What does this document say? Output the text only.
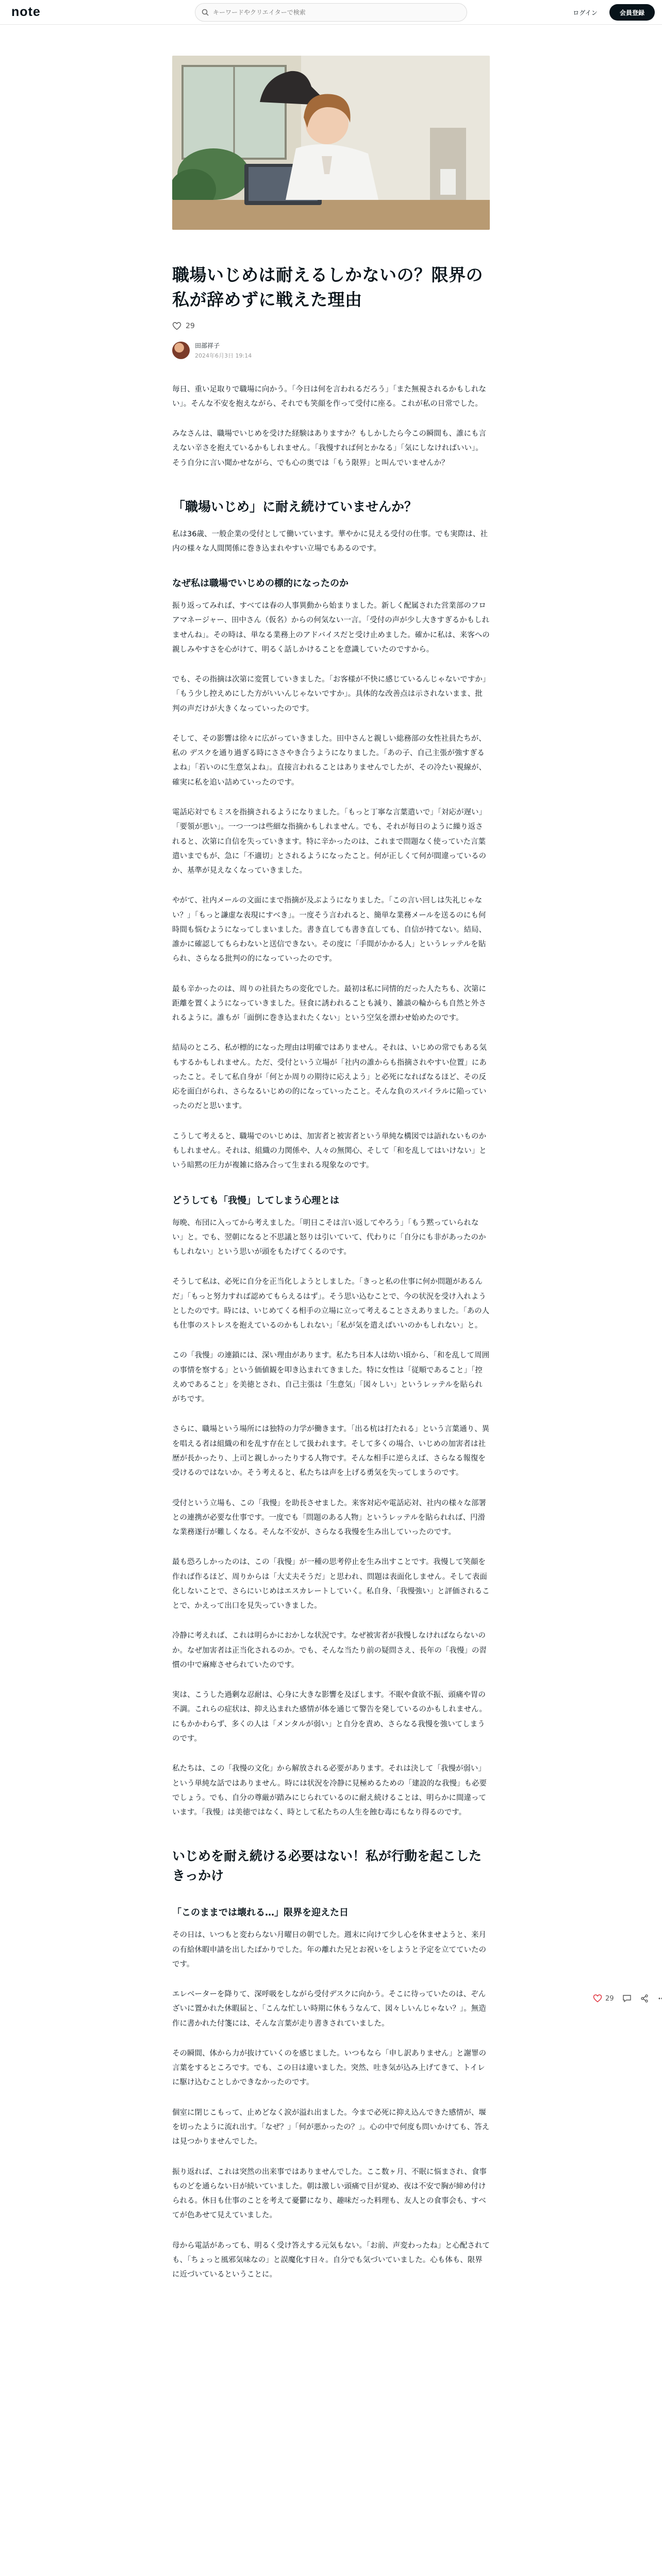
note
キーワードやクリエイターで検索	ログイン	会員登録
職場いじめは耐えるしかないの？限界の私が辞めずに戦えた理由
29
田部祥子
2024年6月3日 19:14

毎日、重い足取りで職場に向かう。「今日は何を言われるだろう」「また無視されるかもしれない」。そんな不安を抱えながら、それでも笑顔を作って受付に座る。これが私の日常でした。

みなさんは、職場でいじめを受けた経験はありますか？もしかしたら今この瞬間も、誰にも言えない辛さを抱えているかもしれません。「我慢すれば何とかなる」「気にしなければいい」。そう自分に言い聞かせながら、でも心の奥では「もう限界」と叫んでいませんか？

「職場いじめ」に耐え続けていませんか？

私は36歳、一般企業の受付として働いています。華やかに見える受付の仕事。でも実際は、社内の様々な人間関係に巻き込まれやすい立場でもあるのです。

なぜ私は職場でいじめの標的になったのか

振り返ってみれば、すべては春の人事異動から始まりました。新しく配属された営業部のフロアマネージャー、田中さん（仮名）からの何気ない一言。「受付の声が少し大きすぎるかもしれませんね」。その時は、単なる業務上のアドバイスだと受け止めました。確かに私は、来客への親しみやすさを心がけて、明るく話しかけることを意識していたのですから。

でも、その指摘は次第に変質していきました。「お客様が不快に感じているんじゃないですか」「もう少し控えめにした方がいいんじゃないですか」。具体的な改善点は示されないまま、批判の声だけが大きくなっていったのです。

そして、その影響は徐々に広がっていきました。田中さんと親しい総務部の女性社員たちが、私の デスクを通り過ぎる時にささやき合うようになりました。「あの子、自己主張が強すぎるよね」「若いのに生意気よね」。直接言われることはありませんでしたが、その冷たい視線が、確実に私を追い詰めていったのです。

電話応対でもミスを指摘されるようになりました。「もっと丁寧な言葉遣いで」「対応が遅い」「要領が悪い」。一つ一つは些細な指摘かもしれません。でも、それが毎日のように繰り返されると、次第に自信を失っていきます。特に辛かったのは、これまで問題なく使っていた言葉遣いまでもが、急に「不適切」とされるようになったこと。何が正しくて何が間違っているのか、基準が見えなくなっていきました。

やがて、社内メールの文面にまで指摘が及ぶようになりました。「この言い回しは失礼じゃない？」「もっと謙虚な表現にすべき」。一度そう言われると、簡単な業務メールを送るのにも何時間も悩むようになってしまいました。書き直しても書き直しても、自信が持てない。結局、誰かに確認してもらわないと送信できない。その度に「手間がかかる人」というレッテルを貼られ、さらなる批判の的になっていったのです。

最も辛かったのは、周りの社員たちの変化でした。最初は私に同情的だった人たちも、次第に距離を置くようになっていきました。昼食に誘われることも減り、雑談の輪からも自然と外されるように。誰もが「面倒に巻き込まれたくない」という空気を漂わせ始めたのです。

結局のところ、私が標的になった理由は明確ではありません。それは、いじめの常でもある気もするかもしれません。ただ、受付という立場が「社内の誰からも指摘されやすい位置」にあったこと。そして私自身が「何とか周りの期待に応えよう」と必死になればなるほど、その反応を面白がられ、さらなるいじめの的になっていったこと。そんな負のスパイラルに陥っていったのだと思います。

こうして考えると、職場でのいじめは、加害者と被害者という単純な構図では語れないものかもしれません。それは、組織の力関係や、人々の無関心、そして「和を乱してはいけない」という暗黙の圧力が複雑に絡み合って生まれる現象なのです。

どうしても「我慢」してしまう心理とは

毎晩、布団に入ってから考えました。「明日こそは言い返してやろう」「もう黙っていられない」と。でも、翌朝になると不思議と怒りは引いていて、代わりに「自分にも非があったのかもしれない」という思いが頭をもたげてくるのです。

そうして私は、必死に自分を正当化しようとしました。「きっと私の仕事に何か問題があるんだ」「もっと努力すれば認めてもらえるはず」。そう思い込むことで、今の状況を受け入れようとしたのです。時には、いじめてくる相手の立場に立って考えることさえありました。「あの人も仕事のストレスを抱えているのかもしれない」「私が気を遣えばいいのかもしれない」と。

この「我慢」の連鎖には、深い理由があります。私たち日本人は幼い頃から、「和を乱して周囲の事情を察する」という価値観を叩き込まれてきました。特に女性は「従順であること」「控えめであること」を美徳とされ、自己主張は「生意気」「図々しい」というレッテルを貼られがちです。

さらに、職場という場所には独特の力学が働きます。「出る杭は打たれる」という言葉通り、異を唱える者は組織の和を乱す存在として扱われます。そして多くの場合、いじめの加害者は社歴が長かったり、上司と親しかったりする人物です。そんな相手に逆らえば、さらなる報復を受けるのではないか。そう考えると、私たちは声を上げる勇気を失ってしまうのです。

受付という立場も、この「我慢」を助長させました。来客対応や電話応対、社内の様々な部署との連携が必要な仕事です。一度でも「問題のある人物」というレッテルを貼られれば、円滑な業務遂行が難しくなる。そんな不安が、さらなる我慢を生み出していったのです。

最も恐ろしかったのは、この「我慢」が一種の思考停止を生み出すことです。我慢して笑顔を作れば作るほど、周りからは「大丈夫そうだ」と思われ、問題は表面化しません。そして表面化しないことで、さらにいじめはエスカレートしていく。私自身、「我慢強い」と評価されることで、かえって出口を見失っていきました。

冷静に考えれば、これは明らかにおかしな状況です。なぜ被害者が我慢しなければならないのか。なぜ加害者は正当化されるのか。でも、そんな当たり前の疑問さえ、長年の「我慢」の習慣の中で麻痺させられていたのです。

実は、こうした過剰な忍耐は、心身に大きな影響を及ぼします。不眠や食欲不振、頭痛や胃の不調。これらの症状は、抑え込まれた感情が体を通じて警告を発しているのかもしれません。にもかかわらず、多くの人は「メンタルが弱い」と自分を責め、さらなる我慢を強いてしまうのです。

私たちは、この「我慢の文化」から解放される必要があります。それは決して「我慢が弱い」という単純な話ではありません。時には状況を冷静に見極めるための「建設的な我慢」も必要でしょう。でも、自分の尊厳が踏みにじられているのに耐え続けることは、明らかに間違っています。「我慢」は美徳ではなく、時として私たちの人生を蝕む毒にもなり得るのです。

いじめを耐え続ける必要はない！私が行動を起こしたきっかけ
「このままでは壊れる…」限界を迎えた日

その日は、いつもと変わらない月曜日の朝でした。週末に向けて少し心を休ませようと、来月の有給休暇申請を出したばかりでした。年の離れた兄とお祝いをしようと予定を立てていたのです。

エレベーターを降りて、深呼吸をしながら受付デスクに向かう。そこに待っていたのは、ぞんざいに置かれた休暇届と、「こんな忙しい時期に休もうなんて、図々しいんじゃない？」。無造作に書かれた付箋には、そんな言葉が走り書きされていました。

その瞬間、体から力が抜けていくのを感じました。いつもなら「申し訳ありません」と謝罪の言葉をするところです。でも、この日は違いました。突然、吐き気が込み上げてきて、トイレに駆け込むことしかできなかったのです。

個室に閉じこもって、止めどなく涙が溢れ出ました。今まで必死に抑え込んできた感情が、堰を切ったように流れ出す。「なぜ？」「何が悪かったの？」。心の中で何度も問いかけても、答えは見つかりませんでした。

振り返れば、これは突然の出来事ではありませんでした。ここ数ヶ月、不眠に悩まされ、食事ものどを通らない日が続いていました。朝は激しい頭痛で目が覚め、夜は不安で胸が締め付けられる。休日も仕事のことを考えて憂鬱になり、趣味だった料理も、友人との食事会も、すべてが色あせて見えていました。

母から電話があっても、明るく受け答えする元気もない。「お前、声変わったね」と心配されても、「ちょっと風邪気味なの」と誤魔化す日々。自分でも気づいていました。心も体も、限界に近づいているということに。

29
